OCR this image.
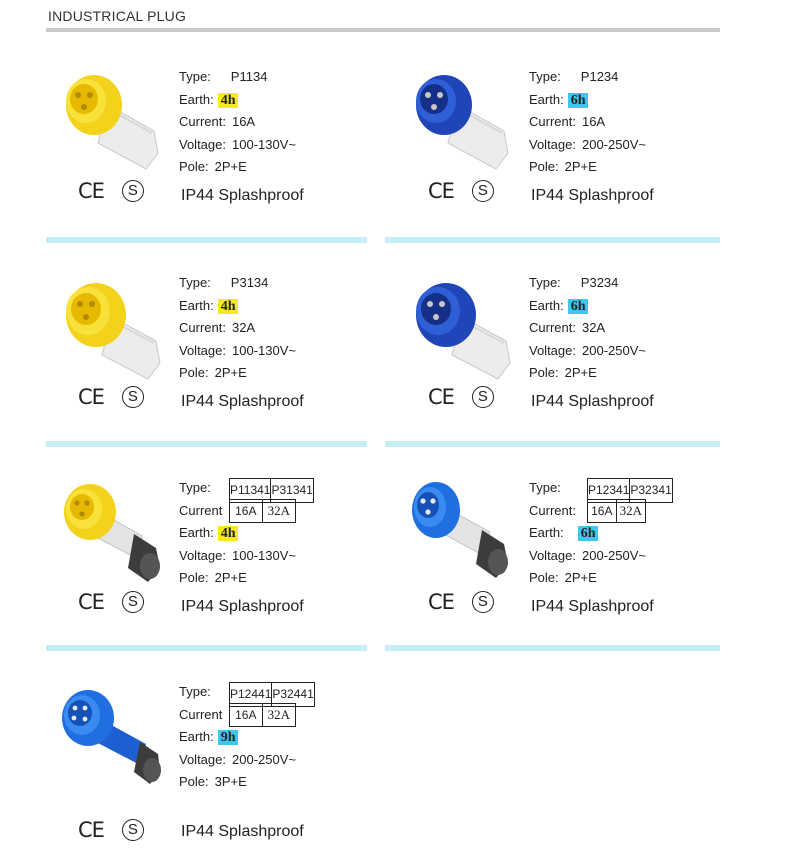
INDUSTRICAL PLUG
Type: P1134
Earth: 4h
Current: 16A
Voltage: 100-130V~
Pole: 2P+E
CE	S	IP44 Splashproof
Type: P1234
Earth: 6h
Current: 16A
Voltage: 200-250V~
Pole: 2P+E
CE	S	IP44 Splashproof
Type: P3134
Earth: 4h
Current: 32A
Voltage: 100-130V~
Pole: 2P+E
CE	S	IP44 Splashproof
Type: P3234
Earth: 6h
Current: 32A
Voltage: 200-250V~
Pole: 2P+E
CE	S	IP44 Splashproof
Type: P11341	P31341
Current 16A	32A
Earth: 4h
Voltage: 100-130V~
Pole: 2P+E
CE	S	IP44 Splashproof
Type: P12341	P32341
Current: 16A	32A
Earth: 6h
Voltage: 200-250V~
Pole: 2P+E
CE	S	IP44 Splashproof
Type: P12441	P32441
Current 16A	32A
Earth: 9h
Voltage: 200-250V~
Pole: 3P+E
CE	S	IP44 Splashproof
